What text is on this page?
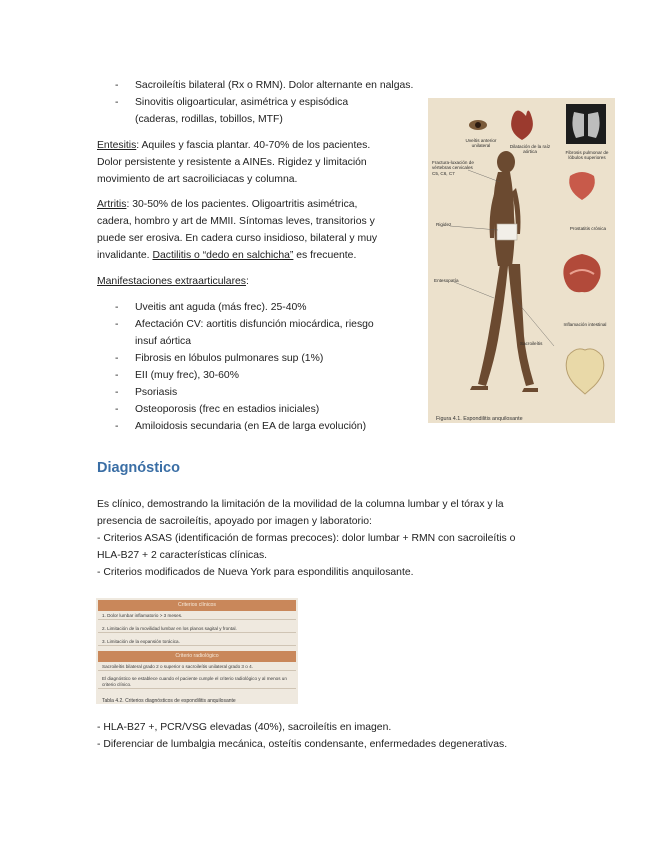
-	Sacroileítis bilateral (Rx o RMN). Dolor alternante en nalgas.
-	Sinovitis oligoarticular, asimétrica y espisódica
(caderas, rodillas, tobillos, MTF)
Entesitis: Aquiles y fascia plantar. 40-70% de los pacientes.
Dolor persistente y resistente a AINEs. Rigidez y limitación
movimiento de art sacroiliciacas y columna.
Artritis: 30-50% de los pacientes. Oligoartritis asimétrica,
cadera, hombro y art de MMII. Síntomas leves, transitorios y
puede ser erosiva. En cadera curso insidioso, bilateral y muy
invalidante. Dactilitis o “dedo en salchicha” es frecuente.
Manifestaciones extraarticulares:
-	Uveitis ant aguda (más frec). 25-40%
-	Afectación CV: aortitis disfunción miocárdica, riesgo
insuf aórtica
-	Fibrosis en lóbulos pulmonares sup (1%)
-	EII (muy frec), 30-60%
-	Psoriasis
-	Osteoporosis (frec en estadios iniciales)
-	Amiloidosis secundaria (en EA de larga evolución)
Uveítis anterior unilateral	Dilatación de la raíz aórtica	Fibrosis pulmonar de lóbulos superiores
Fractura-luxación de vértebras cervicales C5, C6, C7
Rigidez
Prostatitis crónica
Entesopatía
Inflamación intestinal
Sacroileítis
Figura 4.1. Espondilitis anquilosante
Diagnóstico
Es clínico, demostrando la limitación de la movilidad de la columna lumbar y el tórax y la
presencia de sacroileítis, apoyado por imagen y laboratorio:
- Criterios ASAS (identificación de formas precoces): dolor lumbar + RMN con sacroileítis o
HLA-B27 + 2 características clínicas.
- Criterios modificados de Nueva York para espondilitis anquilosante.
Criterios clínicos
1. Dolor lumbar inflamatorio > 3 meses.
2. Limitación de la movilidad lumbar en los planos sagital y frontal.
3. Limitación de la expansión torácica.
Criterio radiológico
Sacroileítis bilateral grado 2 o superior o sacroileítis unilateral grado 3 o 4.
El diagnóstico se establece cuando el paciente cumple el criterio radiológico y al menos un criterio clínico.
Tabla 4.2. Criterios diagnósticos de espondilitis anquilosante
- HLA-B27 +, PCR/VSG elevadas (40%), sacroileítis en imagen.
- Diferenciar de lumbalgia mecánica, osteítis condensante, enfermedades degenerativas.
